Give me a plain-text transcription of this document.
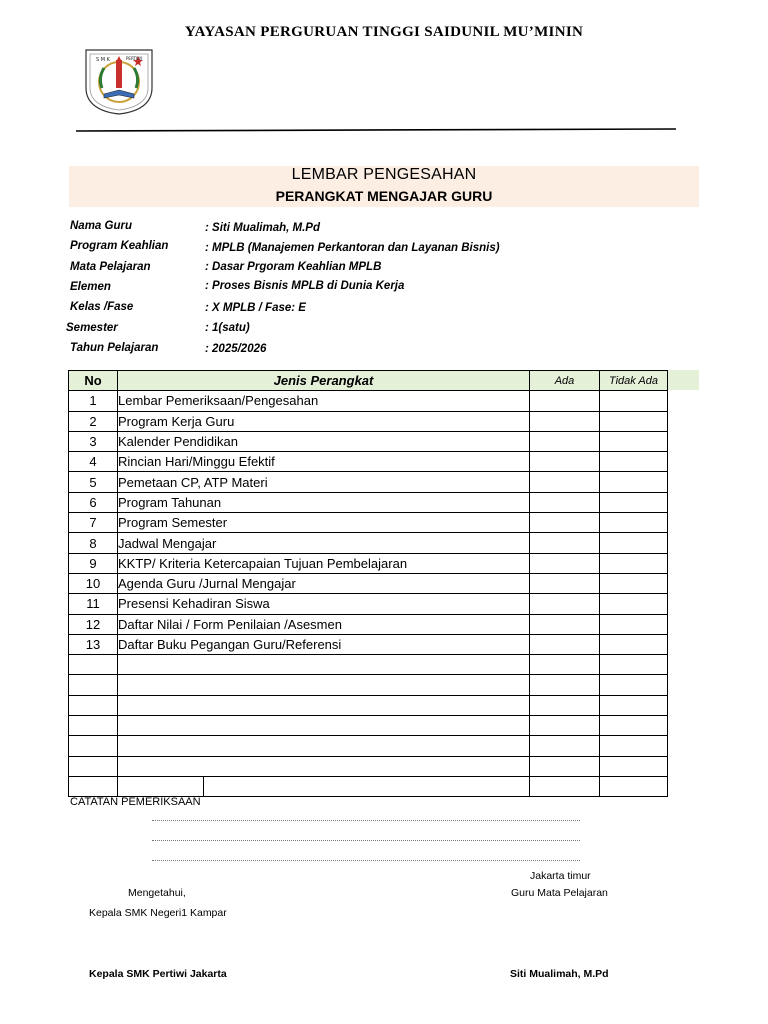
YAYASAN PERGURUAN TINGGI SAIDUNIL MU’MININ
S M K	PERTIWI
LEMBAR PENGESAHAN
PERANGKAT MENGAJAR GURU
Nama Guru	: Siti Mualimah, M.Pd
Program Keahlian	: MPLB (Manajemen Perkantoran dan Layanan Bisnis)
Mata Pelajaran	: Dasar Prgoram Keahlian MPLB
Elemen	: Proses Bisnis MPLB di Dunia Kerja
Kelas /Fase	: X MPLB / Fase: E
Semester	: 1(satu)
Tahun Pelajaran	: 2025/2026
No	Jenis Perangkat		Ada	Tidak Ada
1	Lembar Pemeriksaan/Pengesahan			
2	Program Kerja Guru			
3	Kalender Pendidikan			
4	Rincian Hari/Minggu Efektif			
5	Pemetaan CP, ATP Materi			
6	Program Tahunan			
7	Program Semester			
8	Jadwal Mengajar			
9	KKTP/ Kriteria Ketercapaian Tujuan Pembelajaran			
10	Agenda Guru /Jurnal Mengajar			
11	Presensi Kehadiran Siswa			
12	Daftar Nilai / Form Penilaian /Asesmen			
13	Daftar Buku Pegangan Guru/Referensi			

CATATAN PEMERIKSAAN
Jakarta timur
Mengetahui,	Guru Mata Pelajaran
Kepala SMK Negeri1 Kampar
Kepala SMK Pertiwi Jakarta	Siti Mualimah, M.Pd
